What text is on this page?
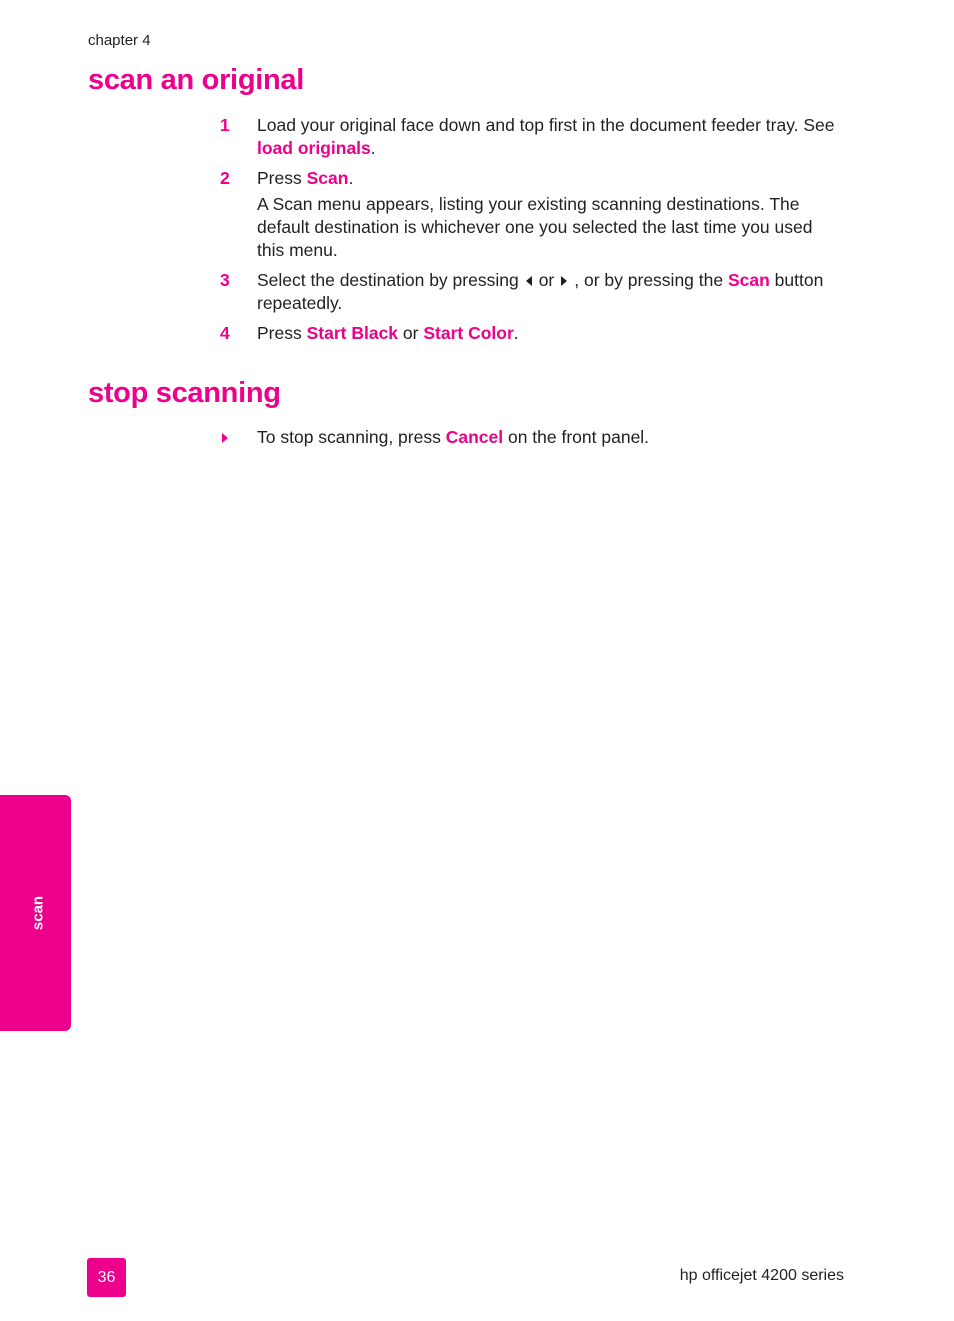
chapter 4
scan an original
1 Load your original face down and top first in the document feeder tray. See load originals.

2 Press Scan.

A Scan menu appears, listing your existing scanning destinations. The default destination is whichever one you selected the last time you used this menu.

3 Select the destination by pressing or , or by pressing the Scan button repeatedly.

4 Press Start Black or Start Color.

stop scanning

To stop scanning, press Cancel on the front panel.

scan
36	hp officejet 4200 series
